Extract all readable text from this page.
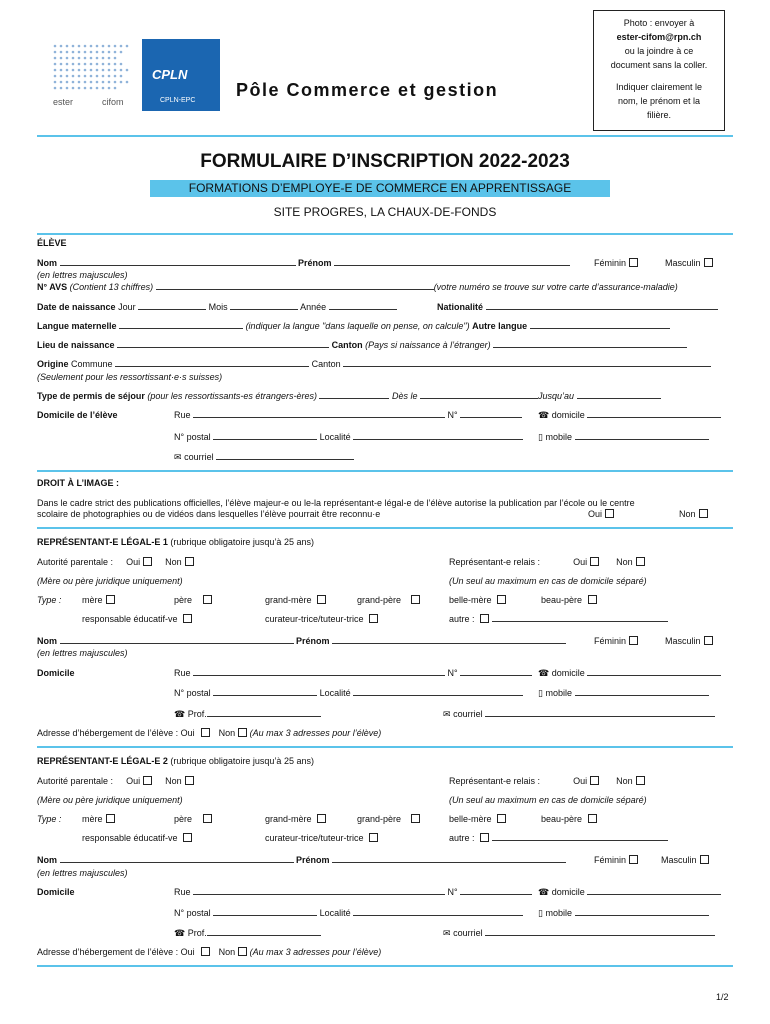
ester	cifom
CPLN
CPLN-EPC
Pôle Commerce et gestion
Photo : envoyer à
ester-cifom@rpn.ch
ou la joindre à ce
document sans la coller.
Indiquer clairement le
nom, le prénom et la
filière.
FORMULAIRE D’INSCRIPTION 2022-2023
FORMATIONS D’EMPLOYE-E DE COMMERCE EN APPRENTISSAGE
SITE PROGRES, LA CHAUX-DE-FONDS
ÉLÈVE
Nom	Prénom	Féminin	Masculin
(en lettres majuscules)
N° AVS (Contient 13 chiffres)	(votre numéro se trouve sur votre carte d’assurance-maladie)
Date de naissance Jour	Mois	Année	Nationalité
Langue maternelle	(indiquer la langue "dans laquelle on pense, on calcule") Autre langue
Lieu de naissance	Canton (Pays si naissance à l’étranger)
Origine Commune	Canton
(Seulement pour les ressortissant·e·s suisses)
Type de permis de séjour (pour les ressortissants-es étrangers-ères)	Dès le	Jusqu’au
Domicile de l’élève	Rue	N°	☎ domicile
N° postal	Localité	▯ mobile
✉ courriel
DROIT À L’IMAGE :
Dans le cadre strict des publications officielles, l’élève majeur-e ou le-la représentant-e légal-e de l’élève autorise la publication par l’école ou le centre
scolaire de photographies ou de vidéos dans lesquelles l’élève pourrait être reconnu·e	Oui	Non
REPRÉSENTANT-E LÉGAL-E 1 (rubrique obligatoire jusqu’à 25 ans)
Autorité parentale : Oui	Non	Représentant-e relais :	Oui	Non
(Mère ou père juridique uniquement)	(Un seul au maximum en cas de domicile séparé)
Type : mère	père	grand-mère	grand-père	belle-mère	beau-père
responsable éducatif-ve	curateur-trice/tuteur-trice	autre :
Nom	Prénom	Féminin	Masculin
(en lettres majuscules)
Domicile	Rue	N°	☎ domicile
N° postal	Localité	▯ mobile
☎ Prof.	✉ courriel
Adresse d’hébergement de l’élève : Oui	Non (Au max 3 adresses pour l’élève)
REPRÉSENTANT-E LÉGAL-E 2 (rubrique obligatoire jusqu’à 25 ans)
Autorité parentale : Oui	Non	Représentant-e relais :	Oui	Non
(Mère ou père juridique uniquement)	(Un seul au maximum en cas de domicile séparé)
Type : mère	père	grand-mère	grand-père	belle-mère	beau-père
responsable éducatif-ve	curateur-trice/tuteur-trice	autre :
Nom	Prénom	Féminin	Masculin
(en lettres majuscules)
Domicile	Rue	N°	☎ domicile
N° postal	Localité	▯ mobile
☎ Prof.	✉ courriel
Adresse d’hébergement de l’élève : Oui	Non (Au max 3 adresses pour l’élève)
1/2
